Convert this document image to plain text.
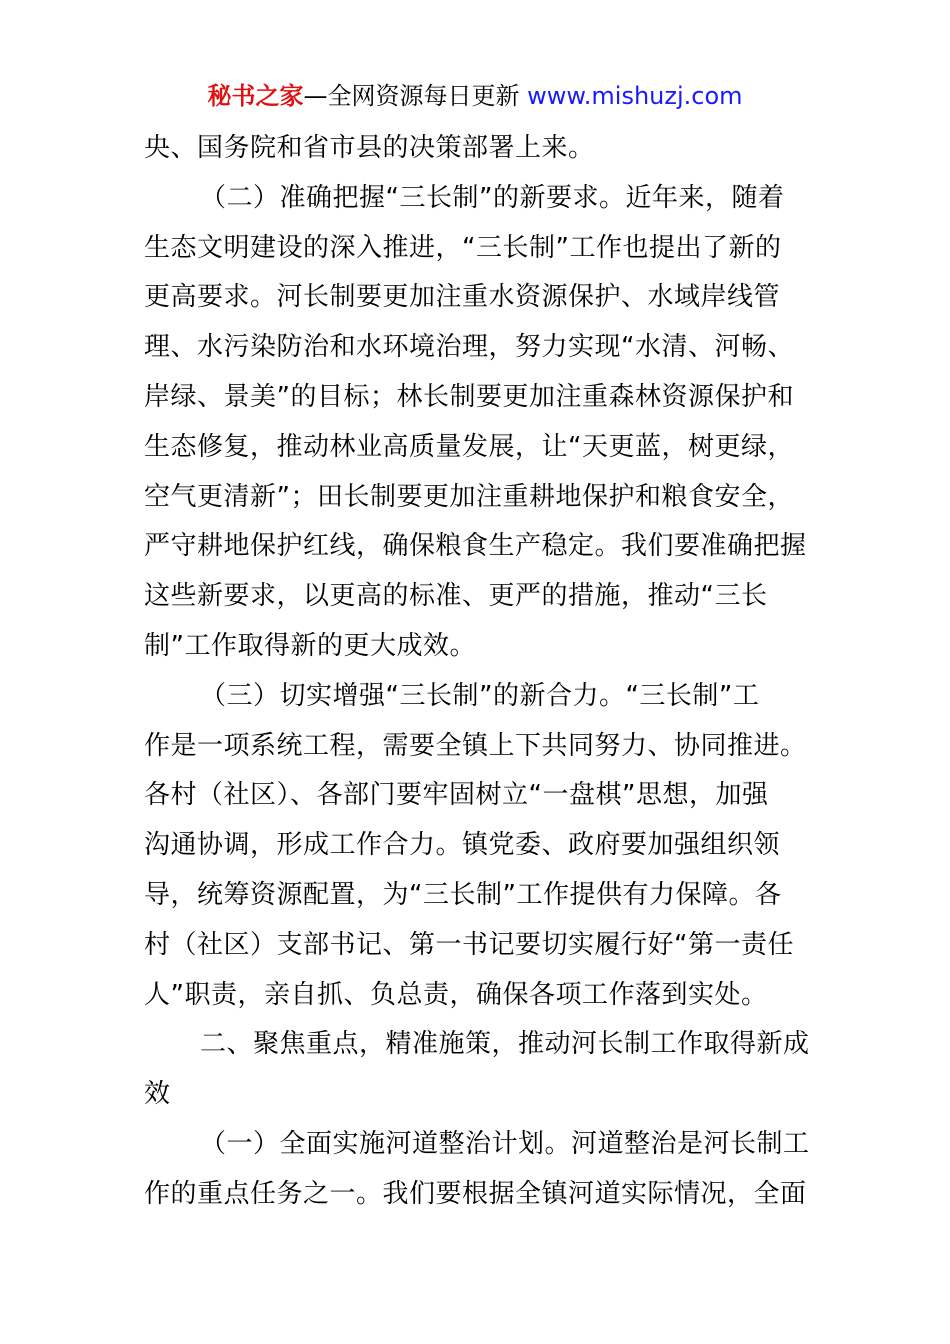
秘书之家—全网资源每日更新 www.mishuzj.com
央、国务院和省市县的决策部署上来。
（二）准确把握“三长制”的新要求。近年来，随着
生态文明建设的深入推进，“三长制”工作也提出了新的
更高要求。河长制要更加注重水资源保护、水域岸线管
理、水污染防治和水环境治理，努力实现“水清、河畅、
岸绿、景美”的目标；林长制要更加注重森林资源保护和
生态修复，推动林业高质量发展，让“天更蓝，树更绿，
空气更清新”；田长制要更加注重耕地保护和粮食安全，
严守耕地保护红线，确保粮食生产稳定。我们要准确把握
这些新要求，以更高的标准、更严的措施，推动“三长
制”工作取得新的更大成效。
（三）切实增强“三长制”的新合力。“三长制”工
作是一项系统工程，需要全镇上下共同努力、协同推进。
各村（社区）、各部门要牢固树立“一盘棋”思想，加强
沟通协调，形成工作合力。镇党委、政府要加强组织领
导，统筹资源配置，为“三长制”工作提供有力保障。各
村（社区）支部书记、第一书记要切实履行好“第一责任
人”职责，亲自抓、负总责，确保各项工作落到实处。
二、聚焦重点，精准施策，推动河长制工作取得新成
效
（一）全面实施河道整治计划。河道整治是河长制工
作的重点任务之一。我们要根据全镇河道实际情况，全面
